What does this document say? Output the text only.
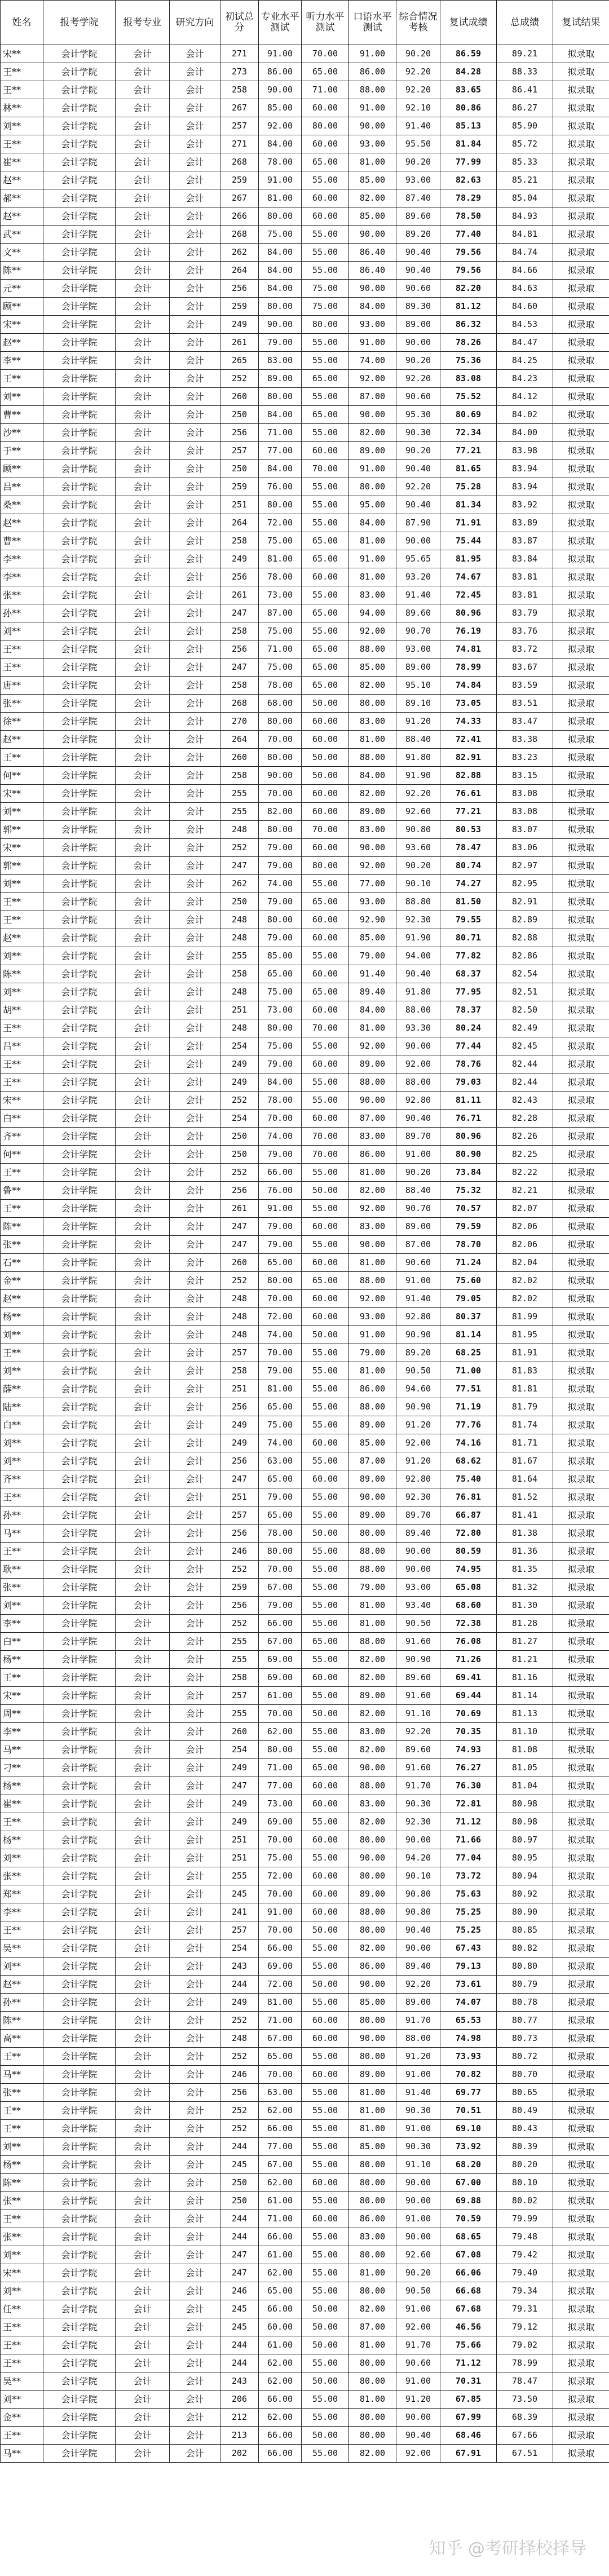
姓名	报考学院	报考专业	研究方向	初试总分	专业水平测试	听力水平测试	口语水平测试	综合情况考核	复试成绩	总成绩	复试结果
宋**	会计学院	会计	会计	271	91.00	70.00	91.00	90.20	86.59	89.21	拟录取
王**	会计学院	会计	会计	273	86.00	65.00	86.00	92.20	84.28	88.33	拟录取
王**	会计学院	会计	会计	258	90.00	71.00	88.00	92.20	83.65	86.41	拟录取
林**	会计学院	会计	会计	267	85.00	60.00	91.00	92.10	80.86	86.27	拟录取
刘**	会计学院	会计	会计	257	92.00	80.00	90.00	91.40	85.13	85.90	拟录取
王**	会计学院	会计	会计	271	84.00	60.00	93.00	95.50	81.84	85.72	拟录取
崔**	会计学院	会计	会计	268	78.00	65.00	81.00	90.20	77.99	85.33	拟录取
赵**	会计学院	会计	会计	259	91.00	55.00	85.00	93.00	82.63	85.21	拟录取
郝**	会计学院	会计	会计	267	81.00	60.00	82.00	87.40	78.29	85.04	拟录取
赵**	会计学院	会计	会计	266	80.00	60.00	85.00	89.60	78.50	84.93	拟录取
武**	会计学院	会计	会计	268	75.00	55.00	90.00	89.20	77.40	84.81	拟录取
文**	会计学院	会计	会计	262	84.00	55.00	86.40	90.40	79.56	84.74	拟录取
陈**	会计学院	会计	会计	264	84.00	55.00	86.40	90.40	79.56	84.66	拟录取
元**	会计学院	会计	会计	256	84.00	75.00	90.00	90.60	82.20	84.63	拟录取
顾**	会计学院	会计	会计	259	80.00	75.00	84.00	89.30	81.12	84.60	拟录取
宋**	会计学院	会计	会计	249	90.00	80.00	93.00	89.00	86.32	84.53	拟录取
赵**	会计学院	会计	会计	261	79.00	55.00	91.00	90.00	78.26	84.47	拟录取
李**	会计学院	会计	会计	265	83.00	55.00	74.00	90.20	75.36	84.25	拟录取
王**	会计学院	会计	会计	252	89.00	65.00	92.00	92.20	83.08	84.23	拟录取
刘**	会计学院	会计	会计	260	80.00	55.00	87.00	90.60	75.52	84.12	拟录取
曹**	会计学院	会计	会计	250	84.00	65.00	90.00	95.30	80.69	84.02	拟录取
沙**	会计学院	会计	会计	256	71.00	55.00	82.00	90.30	72.34	84.00	拟录取
于**	会计学院	会计	会计	257	77.00	60.00	89.00	90.20	77.21	83.98	拟录取
顾**	会计学院	会计	会计	250	84.00	70.00	91.00	90.40	81.65	83.94	拟录取
吕**	会计学院	会计	会计	259	76.00	55.00	80.00	92.20	75.28	83.94	拟录取
桑**	会计学院	会计	会计	251	80.00	55.00	95.00	90.40	81.34	83.92	拟录取
赵**	会计学院	会计	会计	264	72.00	55.00	84.00	87.90	71.91	83.89	拟录取
曹**	会计学院	会计	会计	258	75.00	65.00	81.00	90.00	75.44	83.87	拟录取
李**	会计学院	会计	会计	249	81.00	65.00	91.00	95.65	81.95	83.84	拟录取
李**	会计学院	会计	会计	256	78.00	60.00	81.00	93.20	74.67	83.81	拟录取
张**	会计学院	会计	会计	261	73.00	55.00	83.00	91.40	72.45	83.81	拟录取
孙**	会计学院	会计	会计	247	87.00	65.00	94.00	89.60	80.96	83.79	拟录取
刘**	会计学院	会计	会计	258	75.00	55.00	92.00	90.70	76.19	83.76	拟录取
王**	会计学院	会计	会计	256	71.00	65.00	88.00	93.00	74.81	83.72	拟录取
王**	会计学院	会计	会计	247	75.00	65.00	85.00	89.00	78.99	83.67	拟录取
唐**	会计学院	会计	会计	258	78.00	65.00	82.00	95.10	74.84	83.59	拟录取
张**	会计学院	会计	会计	268	68.00	50.00	80.00	89.10	73.05	83.51	拟录取
徐**	会计学院	会计	会计	270	80.00	60.00	83.00	91.20	74.33	83.47	拟录取
赵**	会计学院	会计	会计	264	70.00	60.00	81.00	88.40	72.41	83.38	拟录取
王**	会计学院	会计	会计	260	80.00	50.00	88.00	91.80	82.91	83.23	拟录取
何**	会计学院	会计	会计	258	90.00	50.00	84.00	91.90	82.88	83.15	拟录取
宋**	会计学院	会计	会计	255	70.00	60.00	82.00	92.20	76.61	83.08	拟录取
刘**	会计学院	会计	会计	255	82.00	60.00	89.00	92.60	77.21	83.08	拟录取
郭**	会计学院	会计	会计	248	80.00	70.00	83.00	90.80	80.53	83.07	拟录取
宋**	会计学院	会计	会计	252	79.00	60.00	90.00	93.60	78.47	83.06	拟录取
郭**	会计学院	会计	会计	247	79.00	80.00	92.00	90.20	80.74	82.97	拟录取
刘**	会计学院	会计	会计	262	74.00	55.00	77.00	90.10	74.27	82.95	拟录取
王**	会计学院	会计	会计	250	79.00	65.00	93.00	88.80	81.50	82.91	拟录取
王**	会计学院	会计	会计	248	80.00	60.00	92.90	92.30	79.55	82.89	拟录取
赵**	会计学院	会计	会计	248	79.00	60.00	85.00	91.90	80.71	82.88	拟录取
刘**	会计学院	会计	会计	255	85.00	55.00	79.00	94.00	77.82	82.86	拟录取
陈**	会计学院	会计	会计	258	65.00	60.00	91.40	90.40	68.37	82.54	拟录取
刘**	会计学院	会计	会计	248	75.00	65.00	89.40	91.80	77.95	82.51	拟录取
胡**	会计学院	会计	会计	251	73.00	60.00	84.00	88.00	78.37	82.50	拟录取
王**	会计学院	会计	会计	248	80.00	70.00	81.00	93.30	80.24	82.49	拟录取
吕**	会计学院	会计	会计	254	75.00	55.00	92.00	90.00	77.44	82.45	拟录取
王**	会计学院	会计	会计	249	79.00	60.00	89.00	92.00	78.76	82.44	拟录取
王**	会计学院	会计	会计	249	84.00	55.00	88.00	88.00	79.03	82.44	拟录取
宋**	会计学院	会计	会计	252	78.00	55.00	90.00	92.80	81.11	82.43	拟录取
白**	会计学院	会计	会计	254	70.00	60.00	87.00	90.40	76.71	82.28	拟录取
齐**	会计学院	会计	会计	250	74.00	70.00	83.00	89.70	80.96	82.26	拟录取
何**	会计学院	会计	会计	250	79.00	70.00	86.00	91.00	80.90	82.25	拟录取
王**	会计学院	会计	会计	252	66.00	55.00	81.00	90.20	73.84	82.22	拟录取
鲁**	会计学院	会计	会计	256	76.00	50.00	82.00	88.40	75.32	82.21	拟录取
王**	会计学院	会计	会计	261	91.00	55.00	92.00	90.70	70.57	82.07	拟录取
陈**	会计学院	会计	会计	247	79.00	60.00	83.00	89.00	79.59	82.06	拟录取
张**	会计学院	会计	会计	247	79.00	55.00	90.00	87.00	78.70	82.06	拟录取
石**	会计学院	会计	会计	260	65.00	60.00	81.00	90.60	71.24	82.04	拟录取
金**	会计学院	会计	会计	252	80.00	65.00	88.00	91.00	75.60	82.02	拟录取
赵**	会计学院	会计	会计	248	70.00	60.00	92.00	91.40	79.05	82.02	拟录取
杨**	会计学院	会计	会计	248	72.00	60.00	93.00	92.80	80.37	81.99	拟录取
刘**	会计学院	会计	会计	248	74.00	50.00	91.00	90.90	81.14	81.95	拟录取
王**	会计学院	会计	会计	257	70.00	55.00	79.00	89.20	68.25	81.91	拟录取
刘**	会计学院	会计	会计	258	79.00	55.00	81.00	90.50	71.00	81.83	拟录取
薛**	会计学院	会计	会计	251	81.00	55.00	86.00	94.60	77.51	81.81	拟录取
陆**	会计学院	会计	会计	256	65.00	55.00	88.00	90.90	71.19	81.79	拟录取
白**	会计学院	会计	会计	249	75.00	55.00	89.00	91.20	77.76	81.74	拟录取
刘**	会计学院	会计	会计	249	74.00	60.00	85.00	92.00	74.16	81.71	拟录取
刘**	会计学院	会计	会计	256	63.00	55.00	87.00	91.20	68.62	81.67	拟录取
齐**	会计学院	会计	会计	247	65.00	60.00	89.00	92.80	75.40	81.64	拟录取
王**	会计学院	会计	会计	251	79.00	55.00	90.00	92.30	76.81	81.52	拟录取
孙**	会计学院	会计	会计	257	65.00	55.00	89.00	89.70	66.87	81.41	拟录取
马**	会计学院	会计	会计	256	78.00	50.00	80.00	89.40	72.80	81.38	拟录取
王**	会计学院	会计	会计	246	80.00	55.00	88.00	90.00	80.59	81.36	拟录取
耿**	会计学院	会计	会计	252	70.00	55.00	88.00	90.00	74.95	81.35	拟录取
张**	会计学院	会计	会计	259	67.00	55.00	79.00	93.00	65.08	81.32	拟录取
刘**	会计学院	会计	会计	256	79.00	55.00	81.00	93.40	68.60	81.30	拟录取
李**	会计学院	会计	会计	252	66.00	55.00	81.00	90.50	72.38	81.28	拟录取
白**	会计学院	会计	会计	255	67.00	65.00	88.00	91.60	76.08	81.27	拟录取
杨**	会计学院	会计	会计	255	69.00	55.00	82.00	90.90	71.26	81.21	拟录取
王**	会计学院	会计	会计	258	69.00	60.00	82.00	89.60	69.41	81.16	拟录取
宋**	会计学院	会计	会计	257	61.00	55.00	89.00	91.60	69.44	81.14	拟录取
周**	会计学院	会计	会计	255	70.00	50.00	82.00	91.10	70.69	81.13	拟录取
李**	会计学院	会计	会计	260	62.00	55.00	83.00	92.20	70.35	81.10	拟录取
马**	会计学院	会计	会计	254	80.00	55.00	82.00	89.60	74.93	81.08	拟录取
刁**	会计学院	会计	会计	249	71.00	65.00	90.00	91.60	76.27	81.05	拟录取
杨**	会计学院	会计	会计	247	77.00	60.00	88.00	91.70	76.30	81.04	拟录取
崔**	会计学院	会计	会计	249	73.00	60.00	83.00	90.30	72.81	80.98	拟录取
王**	会计学院	会计	会计	249	69.00	55.00	82.00	92.30	71.12	80.98	拟录取
杨**	会计学院	会计	会计	251	70.00	60.00	80.00	90.00	71.66	80.97	拟录取
刘**	会计学院	会计	会计	251	75.00	55.00	90.00	94.20	77.04	80.95	拟录取
张**	会计学院	会计	会计	255	72.00	60.00	80.00	90.10	73.72	80.94	拟录取
郑**	会计学院	会计	会计	245	70.00	60.00	89.00	90.80	75.63	80.92	拟录取
李**	会计学院	会计	会计	241	91.00	60.00	88.00	90.80	75.25	80.90	拟录取
王**	会计学院	会计	会计	257	70.00	50.00	80.00	90.40	75.25	80.85	拟录取
吴**	会计学院	会计	会计	254	66.00	55.00	82.00	90.00	67.43	80.82	拟录取
刘**	会计学院	会计	会计	243	69.00	55.00	86.00	89.40	79.13	80.80	拟录取
赵**	会计学院	会计	会计	244	72.00	50.00	90.00	92.20	73.61	80.79	拟录取
孙**	会计学院	会计	会计	249	81.00	55.00	85.00	89.00	74.07	80.78	拟录取
陈**	会计学院	会计	会计	252	71.00	60.00	80.00	91.70	65.53	80.77	拟录取
高**	会计学院	会计	会计	248	67.00	60.00	90.00	88.00	74.98	80.73	拟录取
王**	会计学院	会计	会计	252	65.00	55.00	80.00	91.20	73.93	80.72	拟录取
马**	会计学院	会计	会计	246	70.00	60.00	89.00	91.00	70.82	80.70	拟录取
张**	会计学院	会计	会计	256	63.00	55.00	81.00	91.40	69.77	80.65	拟录取
王**	会计学院	会计	会计	252	62.00	55.00	81.00	90.30	70.51	80.49	拟录取
王**	会计学院	会计	会计	252	66.00	55.00	81.00	91.00	69.10	80.43	拟录取
刘**	会计学院	会计	会计	244	77.00	55.00	85.00	90.30	73.92	80.39	拟录取
杨**	会计学院	会计	会计	245	67.00	55.00	80.00	91.10	68.20	80.20	拟录取
陈**	会计学院	会计	会计	250	62.00	60.00	80.00	90.00	67.00	80.10	拟录取
张**	会计学院	会计	会计	250	61.00	55.00	80.00	90.00	69.88	80.02	拟录取
王**	会计学院	会计	会计	244	71.00	60.00	86.00	91.00	70.59	79.99	拟录取
张**	会计学院	会计	会计	244	66.00	55.00	83.00	90.00	68.65	79.48	拟录取
刘**	会计学院	会计	会计	247	61.00	55.00	80.00	92.60	67.08	79.42	拟录取
宋**	会计学院	会计	会计	247	62.00	55.00	81.00	90.20	66.06	79.40	拟录取
刘**	会计学院	会计	会计	246	65.00	55.00	80.00	90.50	66.68	79.34	拟录取
任**	会计学院	会计	会计	245	66.00	50.00	82.00	91.00	67.68	79.31	拟录取
王**	会计学院	会计	会计	245	60.00	50.00	87.00	92.00	46.56	79.12	拟录取
王**	会计学院	会计	会计	244	61.00	50.00	81.00	91.70	75.66	79.02	拟录取
王**	会计学院	会计	会计	244	62.00	55.00	80.00	90.60	71.12	78.99	拟录取
吴**	会计学院	会计	会计	243	62.00	50.00	80.00	91.00	70.31	78.47	拟录取
刘**	会计学院	会计	会计	206	66.00	55.00	81.00	91.20	67.85	73.50	拟录取
金**	会计学院	会计	会计	212	62.00	55.00	80.00	90.00	67.99	68.39	拟录取
王**	会计学院	会计	会计	213	66.00	50.00	80.00	90.40	68.46	67.66	拟录取
马**	会计学院	会计	会计	202	66.00	55.00	82.00	92.00	67.91	67.51	拟录取
知乎 @考研择校择导
